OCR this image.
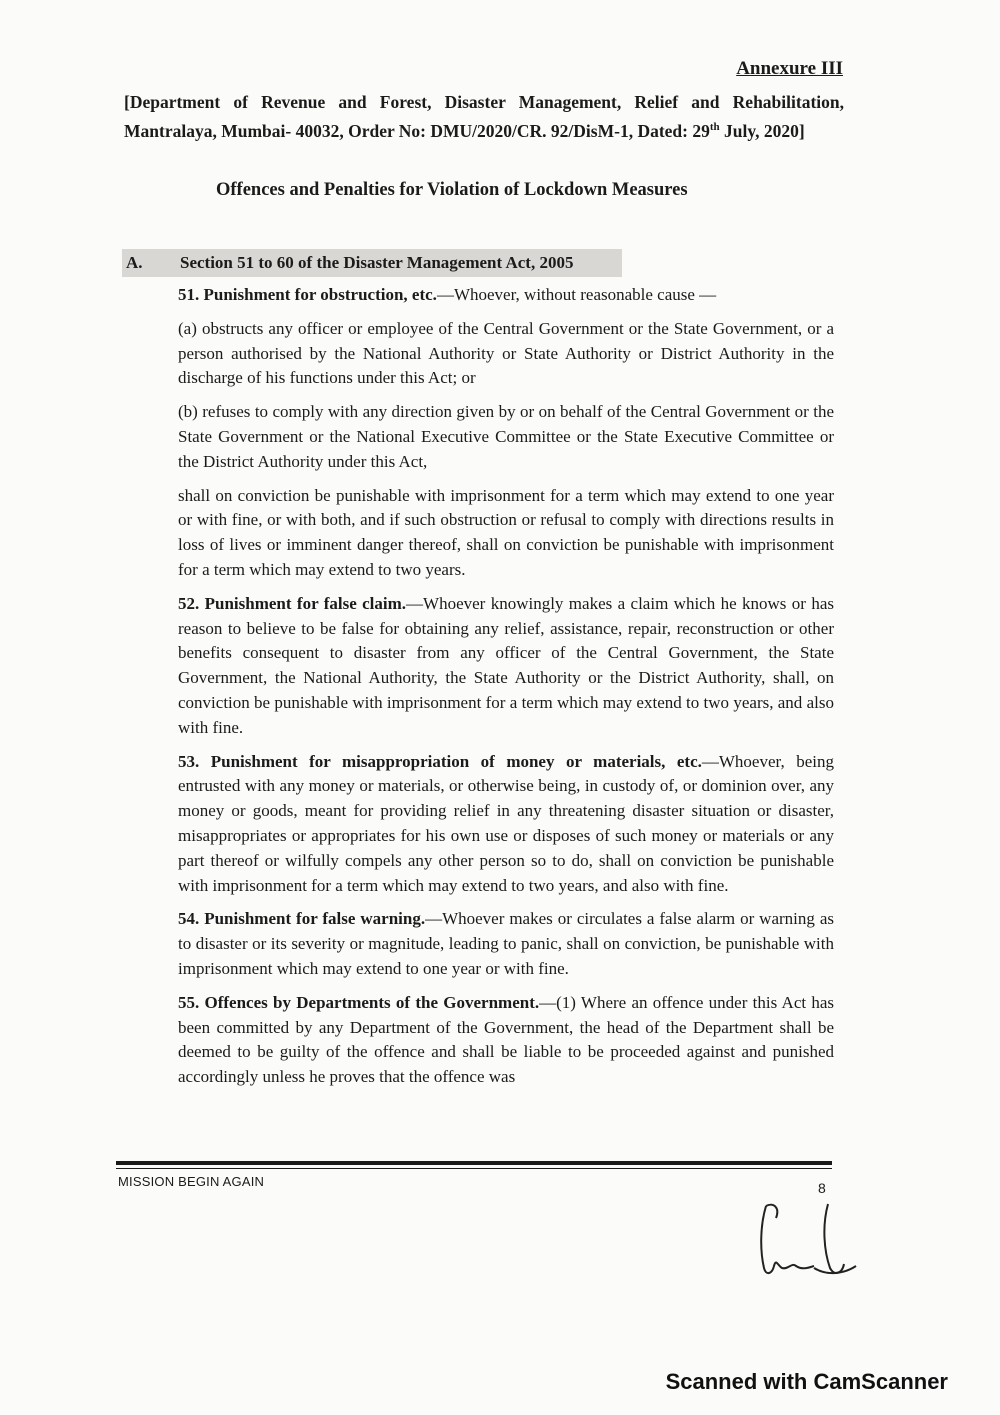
Annexure III
[Department of Revenue and Forest, Disaster Management, Relief and Rehabilitation, Mantralaya, Mumbai- 40032, Order No: DMU/2020/CR. 92/DisM-1, Dated: 29th July, 2020]
Offences and Penalties for Violation of Lockdown Measures
A. Section 51 to 60 of the Disaster Management Act, 2005

51. Punishment for obstruction, etc.—Whoever, without reasonable cause —

(a) obstructs any officer or employee of the Central Government or the State Government, or a person authorised by the National Authority or State Authority or District Authority in the discharge of his functions under this Act; or

(b) refuses to comply with any direction given by or on behalf of the Central Government or the State Government or the National Executive Committee or the State Executive Committee or the District Authority under this Act,

shall on conviction be punishable with imprisonment for a term which may extend to one year or with fine, or with both, and if such obstruction or refusal to comply with directions results in loss of lives or imminent danger thereof, shall on conviction be punishable with imprisonment for a term which may extend to two years.

52. Punishment for false claim.—Whoever knowingly makes a claim which he knows or has reason to believe to be false for obtaining any relief, assistance, repair, reconstruction or other benefits consequent to disaster from any officer of the Central Government, the State Government, the National Authority, the State Authority or the District Authority, shall, on conviction be punishable with imprisonment for a term which may extend to two years, and also with fine.

53. Punishment for misappropriation of money or materials, etc.—Whoever, being entrusted with any money or materials, or otherwise being, in custody of, or dominion over, any money or goods, meant for providing relief in any threatening disaster situation or disaster, misappropriates or appropriates for his own use or disposes of such money or materials or any part thereof or wilfully compels any other person so to do, shall on conviction be punishable with imprisonment for a term which may extend to two years, and also with fine.

54. Punishment for false warning.—Whoever makes or circulates a false alarm or warning as to disaster or its severity or magnitude, leading to panic, shall on conviction, be punishable with imprisonment which may extend to one year or with fine.

55. Offences by Departments of the Government.—(1) Where an offence under this Act has been committed by any Department of the Government, the head of the Department shall be deemed to be guilty of the offence and shall be liable to be proceeded against and punished accordingly unless he proves that the offence was

MISSION BEGIN AGAIN	8
Scanned with CamScanner
